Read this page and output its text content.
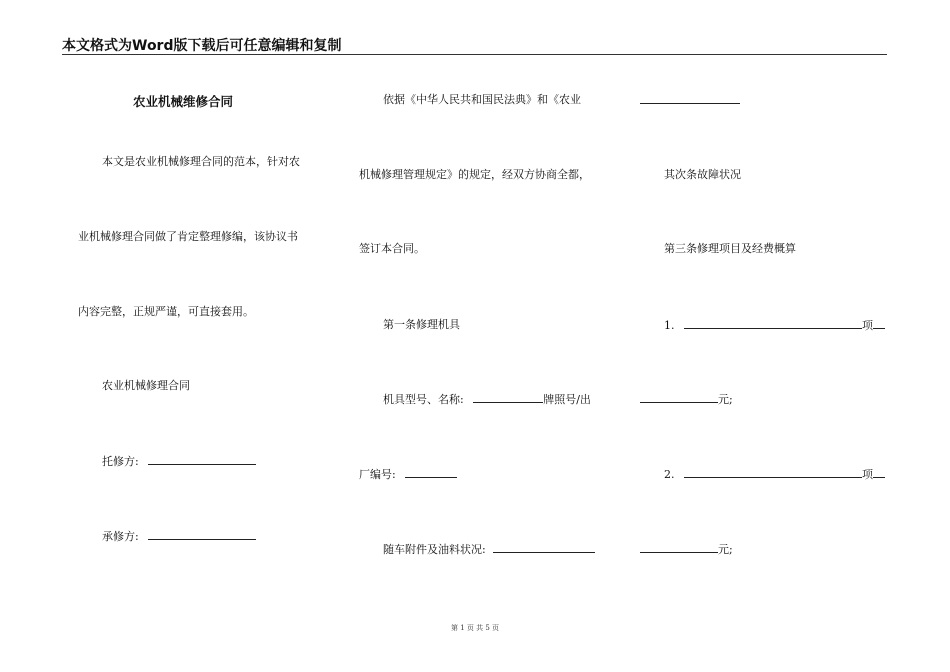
本文格式为Word版下载后可任意编辑和复制
农业机械维修合同
本文是农业机械修理合同的范本，针对农
业机械修理合同做了肯定整理修编，该协议书
内容完整，正规严谨，可直接套用。
农业机械修理合同
托修方:
承修方:
依据《中华人民共和国民法典》和《农业
机械修理管理规定》的规定，经双方协商全都，
签订本合同。
第一条修理机具
机具型号、名称:	牌照号/出
厂编号:
随车附件及油料状况:
其次条故障状况
第三条修理项目及经费概算
1.	项
元;
2.	项
元;
第 1 页 共 5 页
